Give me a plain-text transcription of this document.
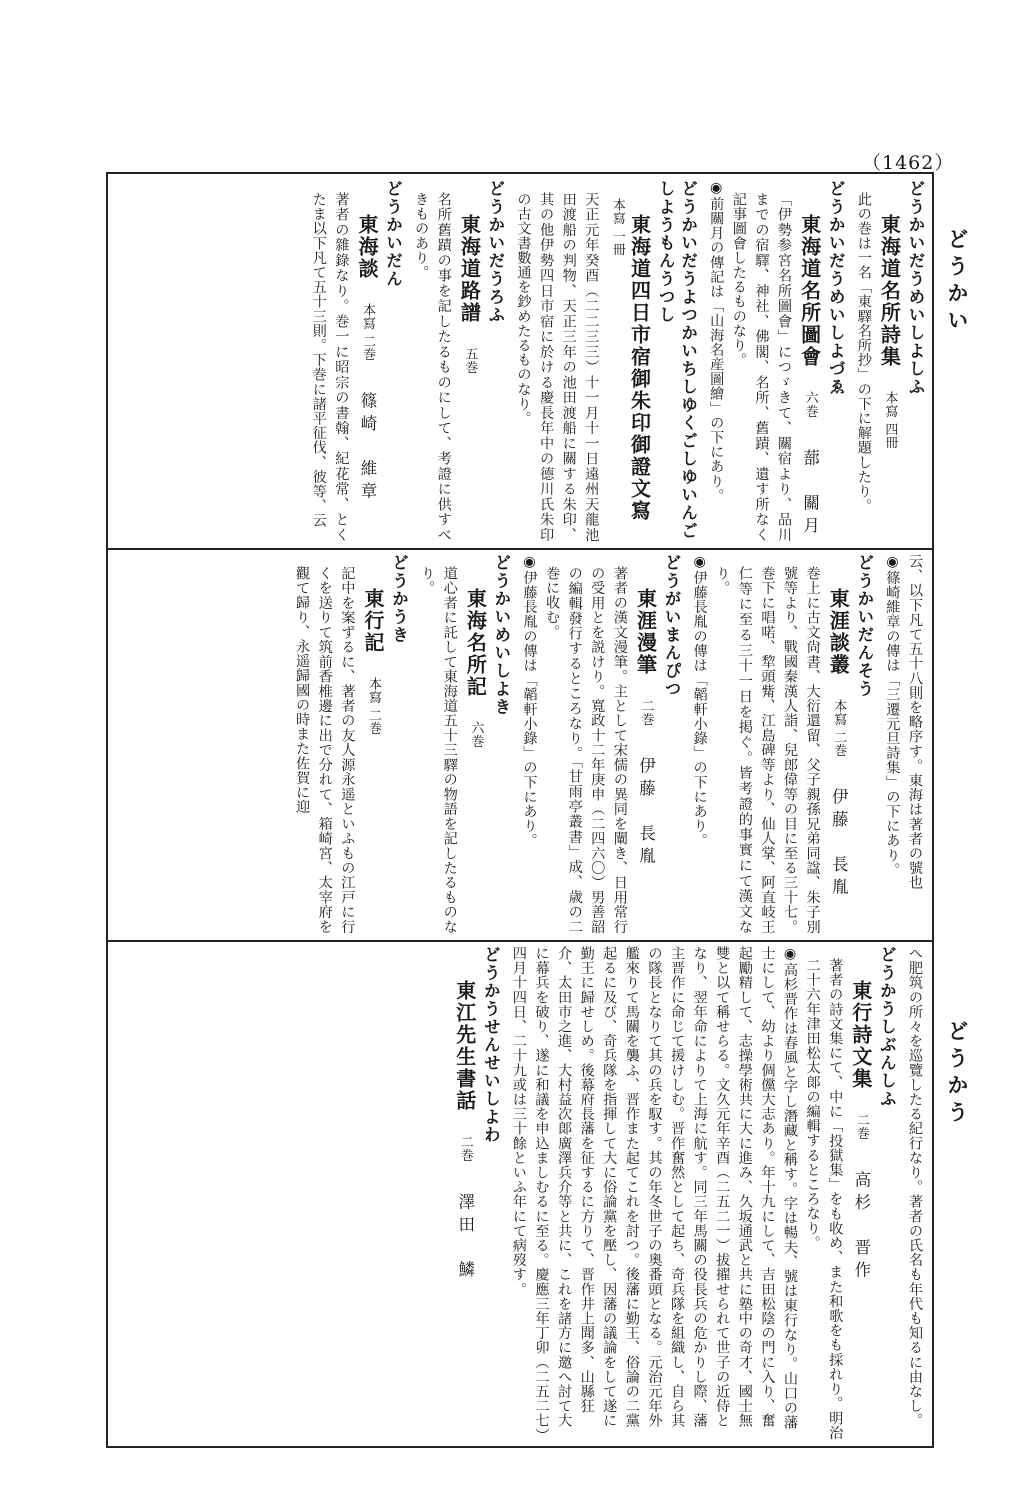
（1462）
どうかい
どうかう
どうかいだうめいしよしふ
東海道名所詩集 本寫 四冊
此の巻は一名「東驛名所抄」の下に解題したり。
どうかいだうめいしよづゑ
東海道名所圖會 六巻 蔀　關月
「伊勢参宮名所圖會」につゞきて、關宿より、品川までの宿驛、神社、佛閣、名所、舊蹟、遺す所なく記事圖會したるものなり。
◉前關月の傳記は「山海名産圖繪」の下にあり。
どうかいだうよつかいちしゆくごしゆいんごしようもんうつし
東海道四日市宿御朱印御證文寫 本寫 一冊
天正元年癸酉（二二三三）十一月十一日遠州天龍池田渡船の判物、天正三年の池田渡船に關する朱印、其の他伊勢四日市宿に於ける慶長年中の德川氏朱印の古文書數通を鈔めたるものなり。
どうかいだうろふ
東海道路譜 五巻
名所舊蹟の事を記したるものにして、考證に供すべきものあり。
どうかいだん
東海談 本寫 二巻 篠崎　維章
著者の雜錄なり。巻一に昭宗の書翰、紀花常、とくたま以下凡て五十三則。下巻に諸平征伐、彼等、云
云、以下凡て五十八則を略序す。東海は著者の號也
◉篠崎維章の傳は「三遷元旦詩集」の下にあり。
どうかいだんそう
東涯談叢 本寫 二巻 伊藤　長胤
巻上に古文尙書、大衍還留、父子親孫兄弟同諡、朱子別號等より、戰國秦漢人詣、兒郎偉等の目に至る三十七。巻下に唱喏、犂頭觜、江島碑等より、仙人掌、阿直岐王仁等に至る三十一日を掲ぐ。皆考證的事實にて漢文なり。
◉伊藤長胤の傳は「韜軒小錄」の下にあり。
どうがいまんぴつ
東涯漫筆 二巻 伊藤　長胤
著者の漢文漫筆。主として宋儒の異同を闡き、日用常行の受用とを説けり。寬政十二年庚申（二四六〇）男善韶の編輯發行するところなり。「甘雨亭叢書」成、歳の二巻に收む。
◉伊藤長胤の傳は「韜軒小錄」の下にあり。
どうかいめいしよき
東海名所記 六巻
道心者に託して東海道五十三驛の物語を記したるものなり。
どうかうき
東行記 本寫 二巻
記中を案ずるに、著者の友人源永遥といふもの江戸に行くを送りて筑前香椎邊に出で分れて、箱崎宮、太宰府を觀て歸り、永遥歸國の時また佐賀に迎
へ肥筑の所々を巡覽したる紀行なり。著者の氏名も年代も知るに由なし。
どうかうしぶんしふ
東行詩文集 二巻 高杉　晋作
著者の詩文集にて、中に「投獄集」をも收め、また和歌をも採れり。明治二十六年津田松太郞の編輯するところなり。
◉高杉晋作は春風と字し潛藏と稱す。字は暢夫、號は東行なり。山口の藩士にして、幼より倜儻大志あり。年十九にして、吉田松陰の門に入り、奮起勵精して、志操學術共に大に進み、久坂通武と共に塾中の奇才、國士無雙と以て稱せらる。文久元年辛酉（二五二一）拔擢せられて世子の近侍となり、翌年命によりて上海に航す。同三年馬關の役長兵の危かりし際、藩主晋作に命じて援けしむ。晋作奮然として起ち、奇兵隊を組織し、自ら其の隊長となりて其の兵を馭す。其の年冬世子の奧番頭となる。元治元年外艦來りて馬關を襲ふ、晋作また起てこれを討つ。後藩に勤王、俗論の二黨起るに及び、奇兵隊を指揮して大に俗論黨を壓し、因藩の議論をして遂に勤王に歸せしめ。後幕府長藩を征するに方りて、晋作井上聞多、山縣狂介、太田市之進、大村益次郞廣澤兵介等と共に、これを諸方に邀へ討て大に幕兵を破り、遂に和議を申込ましむるに至る。慶應三年丁卯（二五二七）四月十四日、二十九或は三十餘といふ年にて病歿す。
どうかうせんせいしよわ
東江先生書話 二巻 澤田　鱗
